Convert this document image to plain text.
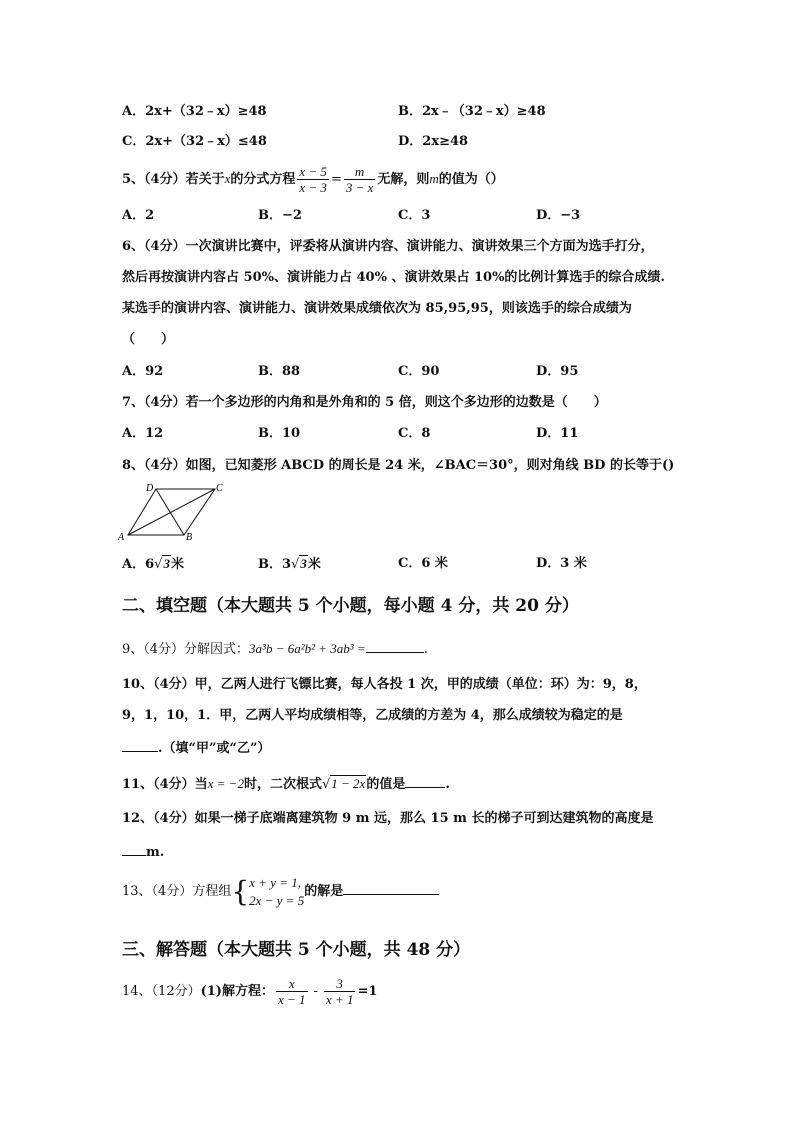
A．2x+（32﹣x）≥48	B．2x﹣（32﹣x）≥48
C．2x+（32﹣x）≤48	D．2x≥48
5、（4分）若关于x的分式方程 $\frac{x - 5}{x - 3} = \frac{m}{3 - x}$ 无解，则m的值为（）
A．2	B．−2	C．3	D．−3
6、（4分）一次演讲比赛中，评委将从演讲内容、演讲能力、演讲效果三个方面为选手打分，
然后再按演讲内容占 50%、演讲能力占 40% 、演讲效果占 10%的比例计算选手的综合成绩.
某选手的演讲内容、演讲能力、演讲效果成绩依次为 85,95,95，则该选手的综合成绩为
（　　）
A．92	B．88	C．90	D．95
7、（4分）若一个多边形的内角和是外角和的 5 倍，则这个多边形的边数是（　　）
A．12	B．10	C．8	D．11
8、（4分）如图，已知菱形 ABCD 的周长是 24 米，∠BAC＝30°，则对角线 BD 的长等于()
A	B
C
D
A．6√3米	B．3√3米	C．6 米	D．3 米
二、填空题（本大题共 5 个小题，每小题 4 分，共 20 分）
9、（4分）分解因式：3a³b − 6a²b² + 3ab³ =	.
10、（4分）甲，乙两人进行飞镖比赛，每人各投 1 次，甲的成绩（单位：环）为：9，8，
9，1，10，1．甲，乙两人平均成绩相等，乙成绩的方差为 4，那么成绩较为稳定的是
.（填“甲”或“乙”）
11、（4分）当x = −2时，二次根式√1 − 2x的值是	.
12、（4分）如果一梯子底端离建筑物 9 m 远，那么 15 m 长的梯子可到达建筑物的高度是
m.
13、（4分）方程组{ x + y = 1,
2x − y = 5
的解是
三、解答题（本大题共 5 个小题，共 48 分）
14、（12分）(1)解方程： $\frac{x}{x - 1} - \frac{3}{x + 1} =1$
